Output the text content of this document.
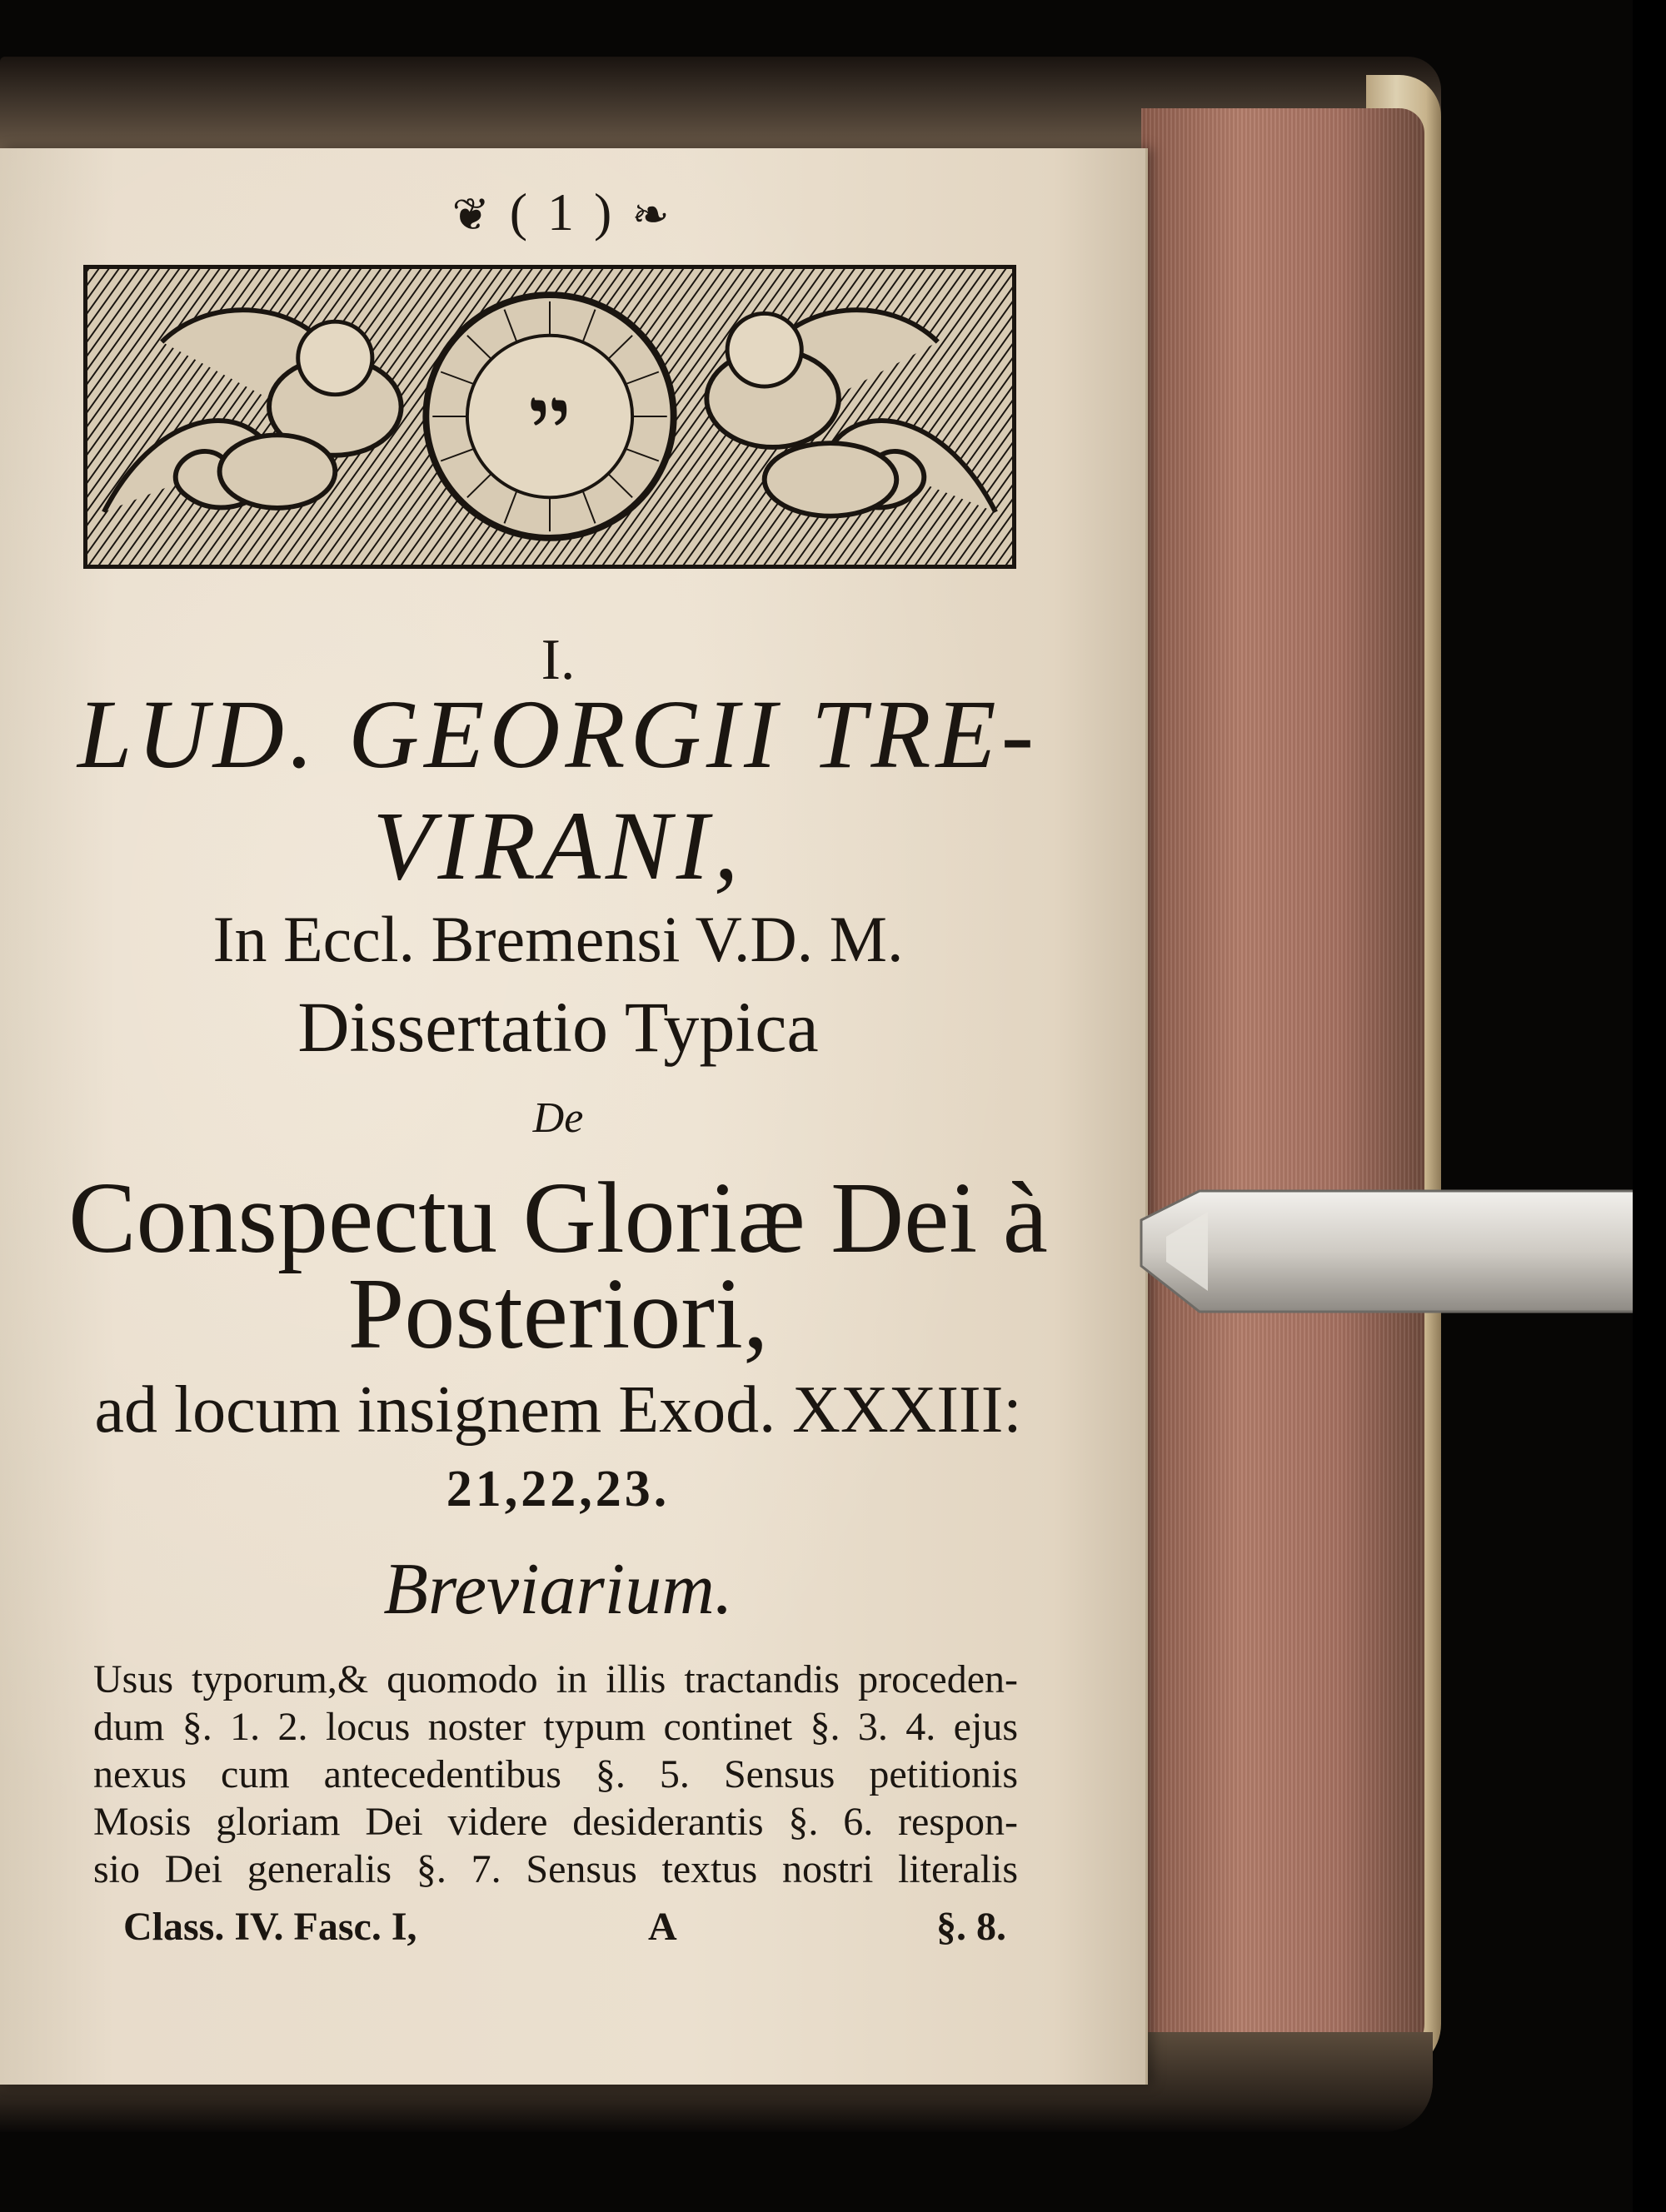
❦ ( 1 ) ❧
יי
I.
LUD. GEORGII TRE-
VIRANI,
In Eccl. Bremensi V.D. M.
Dissertatio Typica
De
Conspectu Gloriæ Dei à
Posteriori,
ad locum insignem Exod. XXXIII:
21,22,23.
Breviarium.
Usus typorum,& quomodo in illis tractandis proceden-
dum §. 1. 2. locus noster typum continet §. 3. 4. ejus
nexus cum antecedentibus §. 5. Sensus petitionis
Mosis gloriam Dei videre desiderantis §. 6. respon-
sio Dei generalis §. 7. Sensus textus nostri literalis
Class. IV. Fasc. I,	A	§. 8.
